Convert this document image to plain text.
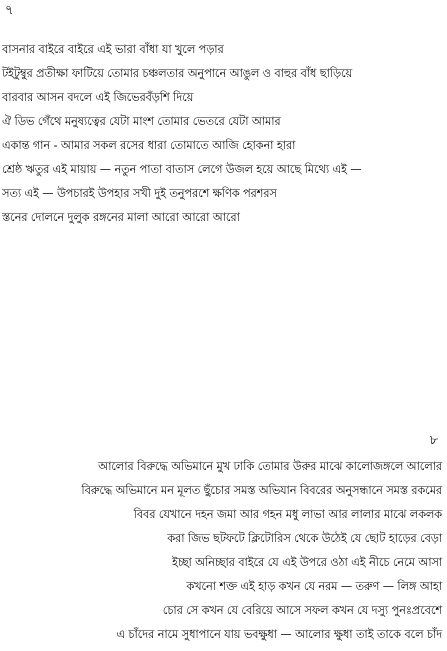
৭
বাসনার বাইরে বাইরে এই ভারা বাঁধা যা খুলে পড়ার
টইটুম্বুর প্রতীক্ষা ফাটিয়ে তোমার চঞ্চলতার অনুপানে আঙুল ও বাহুর বাঁধ ছাড়িয়ে
বারবার আসন বদলে এই জিভেরবঁড়শি দিয়ে
ঐ ডিভ গেঁথে মনুষ্যত্বের যেটা মাংশ তোমার ভেতরে যেটা আমার
একান্ত গান - আমার সকল রসের ধারা তোমাতে আজি হোকনা হারা
শ্রেষ্ঠ ঋতুর এই মায়ায় — নতুন পাতা বাতাস লেগে উজল হয়ে আছে মিথ্যে এই —
সত্য এই — উপচারই উপহার সখী দুই তনুপরশে ক্ষণিক পরশরস
স্তনের দোলনে দুলুক রঙ্গনের মালা আরো আরো আরো
৮
আলোর বিরুদ্ধে অভিমানে মুখ ঢাকি তোমার উরুর মাঝে কালোজঙ্গলে আলোর
বিরুদ্ধে অভিমানে মন মূলত ছুঁচোর সমস্ত অভিযান বিবরের অনুসন্ধানে সমস্ত রকমের
বিবর যেখানে দহন জমা আর গহন মধু লাভা আর লালার মাঝে লকলক
করা জিভ ছটফটে ক্লিটোরিস থেকে উঠেই যে ছোট হাড়ের বেড়া
ইচ্ছা অনিচ্ছার বাইরে যে এই উপরে ওঠা এই নীচে নেমে আসা
কখনো শক্ত এই হাড় কখন যে নরম — তরুণ — লিঙ্গ আহা
চোর সে কখন যে বেরিয়ে আসে সফল কখন যে দস্যু পুনঃপ্রবেশে
এ চাঁদের নামে সুধাপানে যায় ভবক্ষুধা — আলোর ক্ষুধা তাই তাকে বলে চাঁদ
